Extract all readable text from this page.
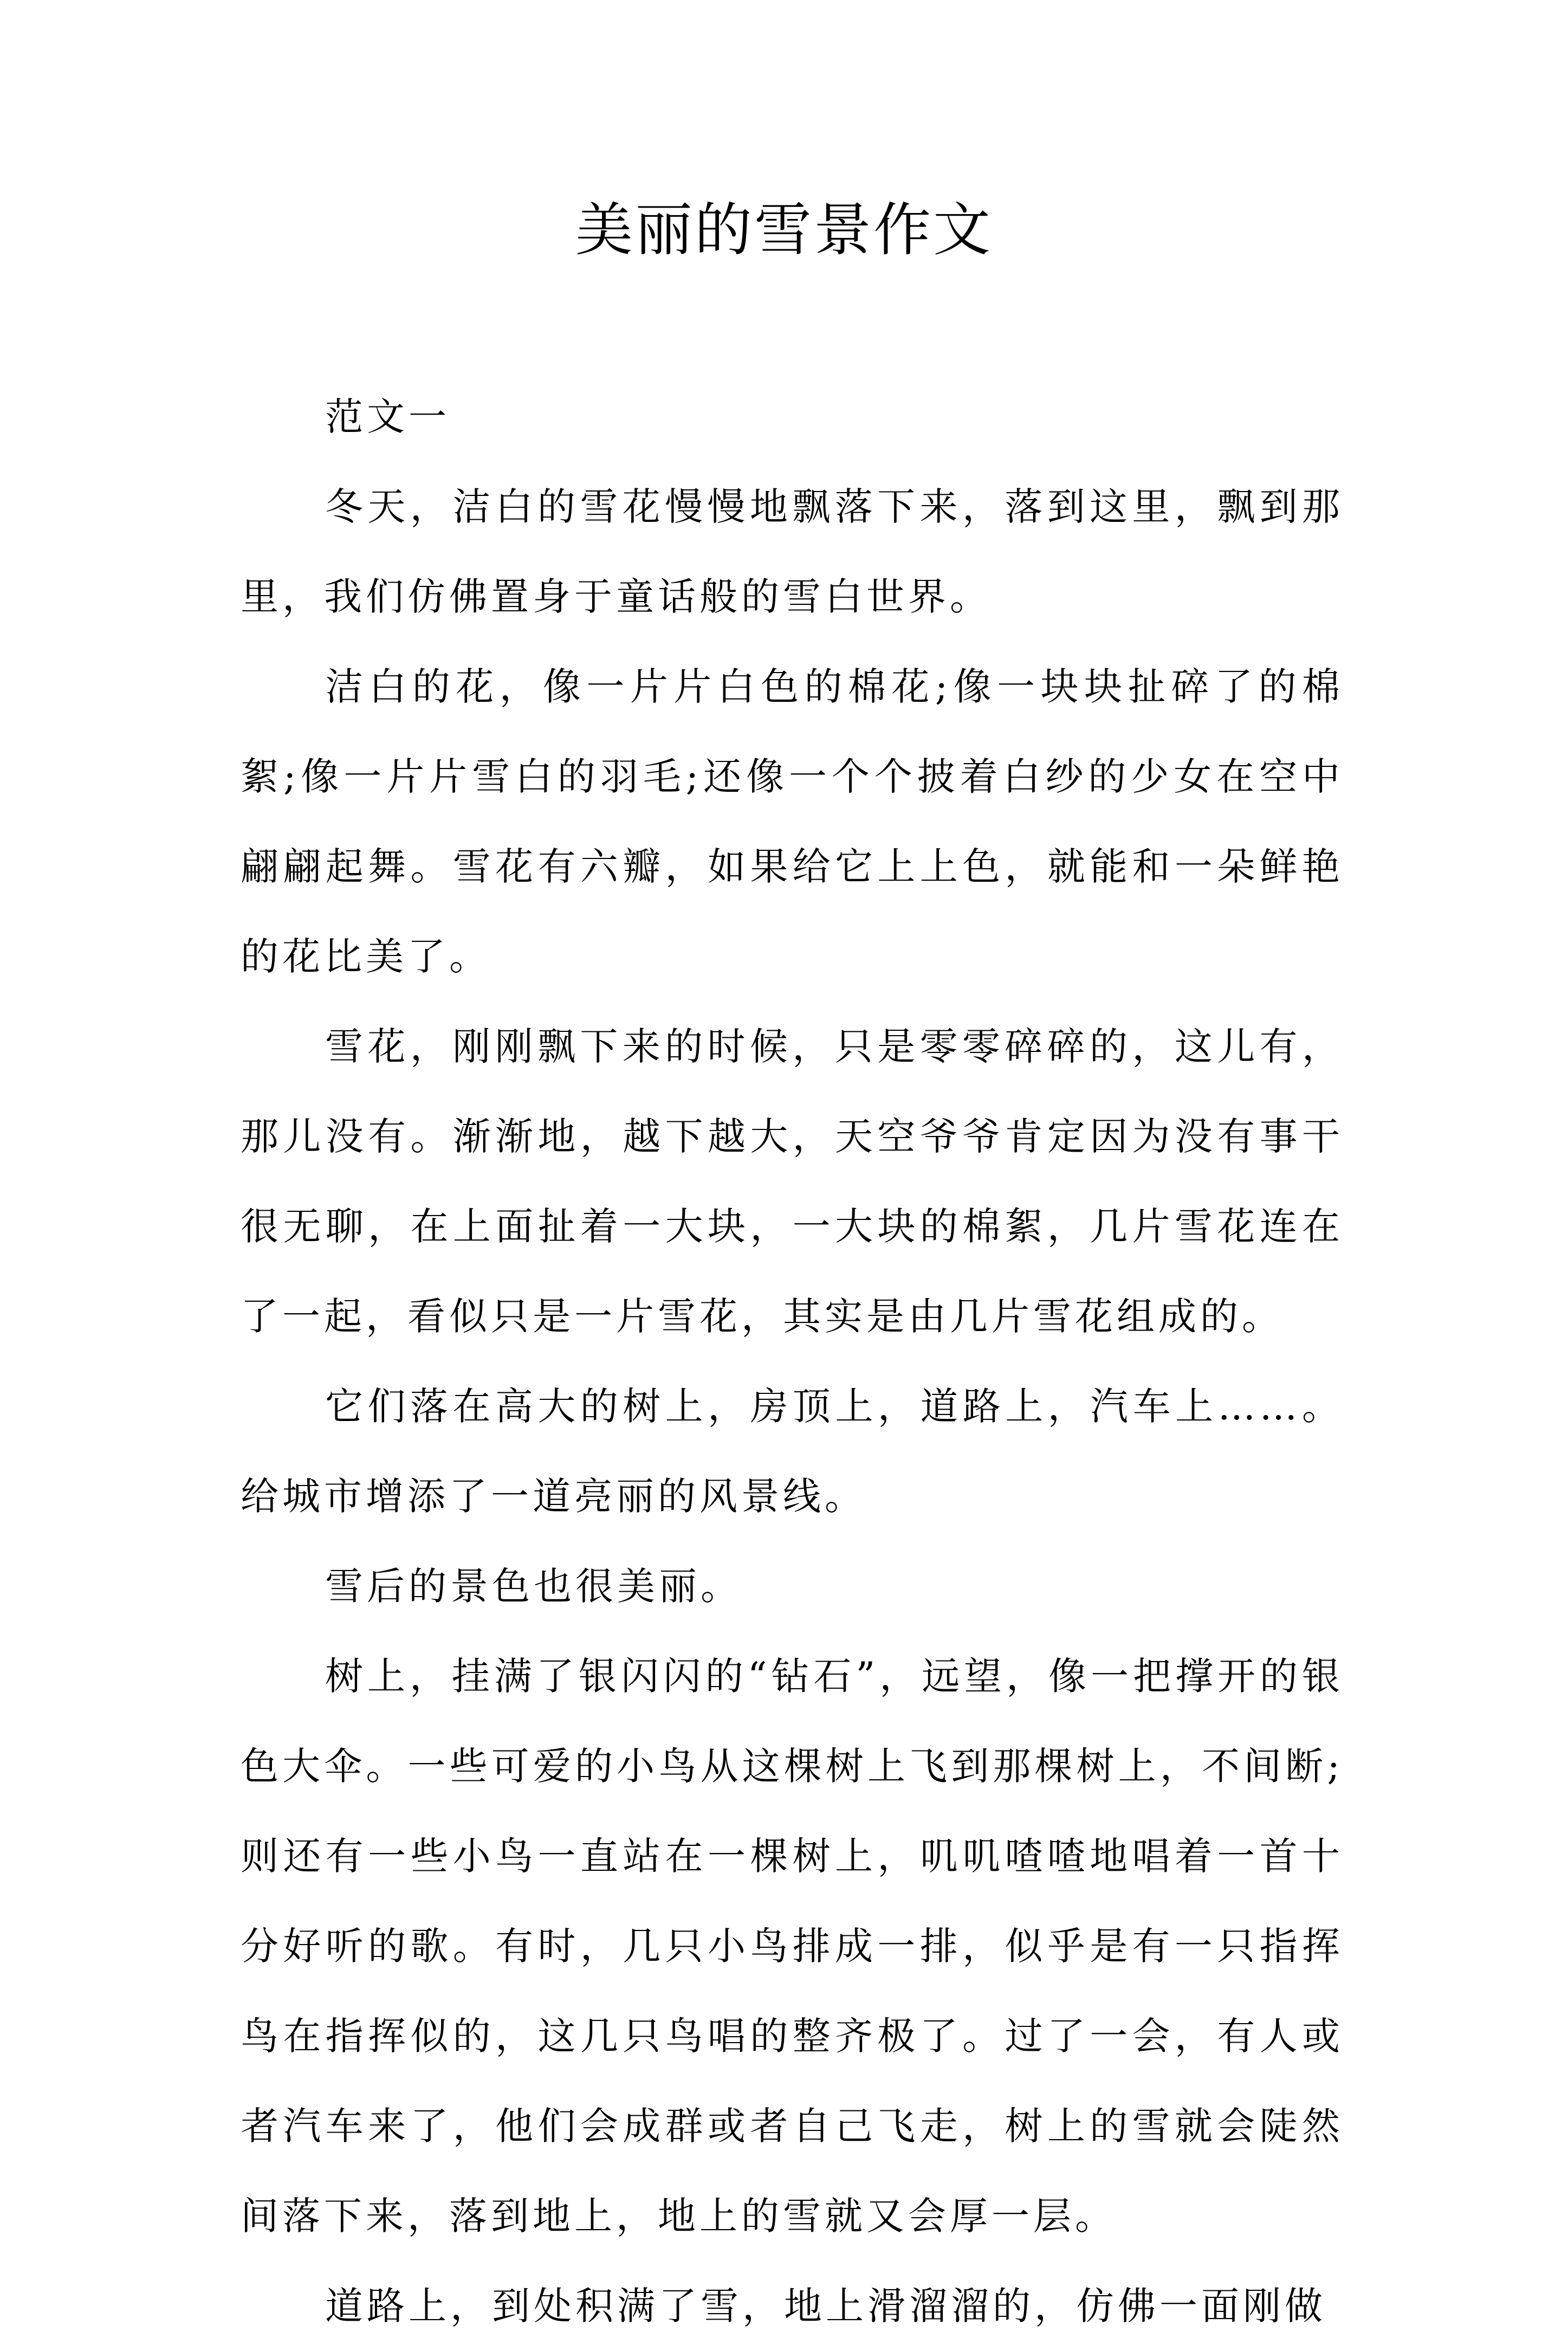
美丽的雪景作文

范文一

冬天，洁白的雪花慢慢地飘落下来，落到这里，飘到那里，我们仿佛置身于童话般的雪白世界。

洁白的花，像一片片白色的棉花;像一块块扯碎了的棉絮;像一片片雪白的羽毛;还像一个个披着白纱的少女在空中翩翩起舞。雪花有六瓣，如果给它上上色，就能和一朵鲜艳的花比美了。

雪花，刚刚飘下来的时候，只是零零碎碎的，这儿有，那儿没有。渐渐地，越下越大，天空爷爷肯定因为没有事干很无聊，在上面扯着一大块，一大块的棉絮，几片雪花连在了一起，看似只是一片雪花，其实是由几片雪花组成的。

它们落在高大的树上，房顶上，道路上，汽车上……。给城市增添了一道亮丽的风景线。

雪后的景色也很美丽。

树上，挂满了银闪闪的“钻石”，远望，像一把撑开的银色大伞。一些可爱的小鸟从这棵树上飞到那棵树上，不间断;则还有一些小鸟一直站在一棵树上，叽叽喳喳地唱着一首十分好听的歌。有时，几只小鸟排成一排，似乎是有一只指挥鸟在指挥似的，这几只鸟唱的整齐极了。过了一会，有人或者汽车来了，他们会成群或者自己飞走，树上的雪就会陡然间落下来，落到地上，地上的雪就又会厚一层。

道路上，到处积满了雪，地上滑溜溜的，仿佛一面刚做
